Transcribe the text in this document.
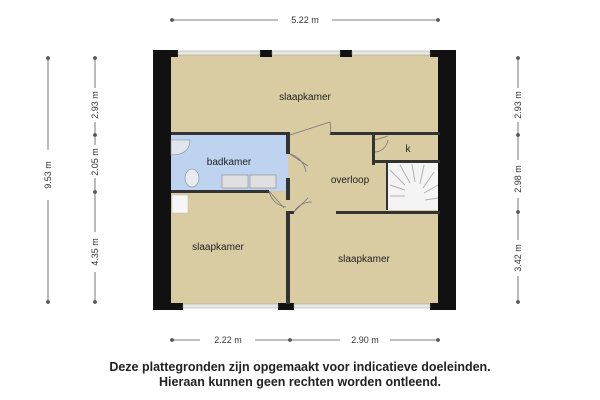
slaapkamer
badkamer
overloop
k
slaapkamer
slaapkamer
5.22 m
2.22 m	2.90 m
9.53 m
2.93 m
2.05 m
4.35 m
2.93 m
2.98 m
3.42 m
Deze plattegronden zijn opgemaakt voor indicatieve doeleinden.
Hieraan kunnen geen rechten worden ontleend.
